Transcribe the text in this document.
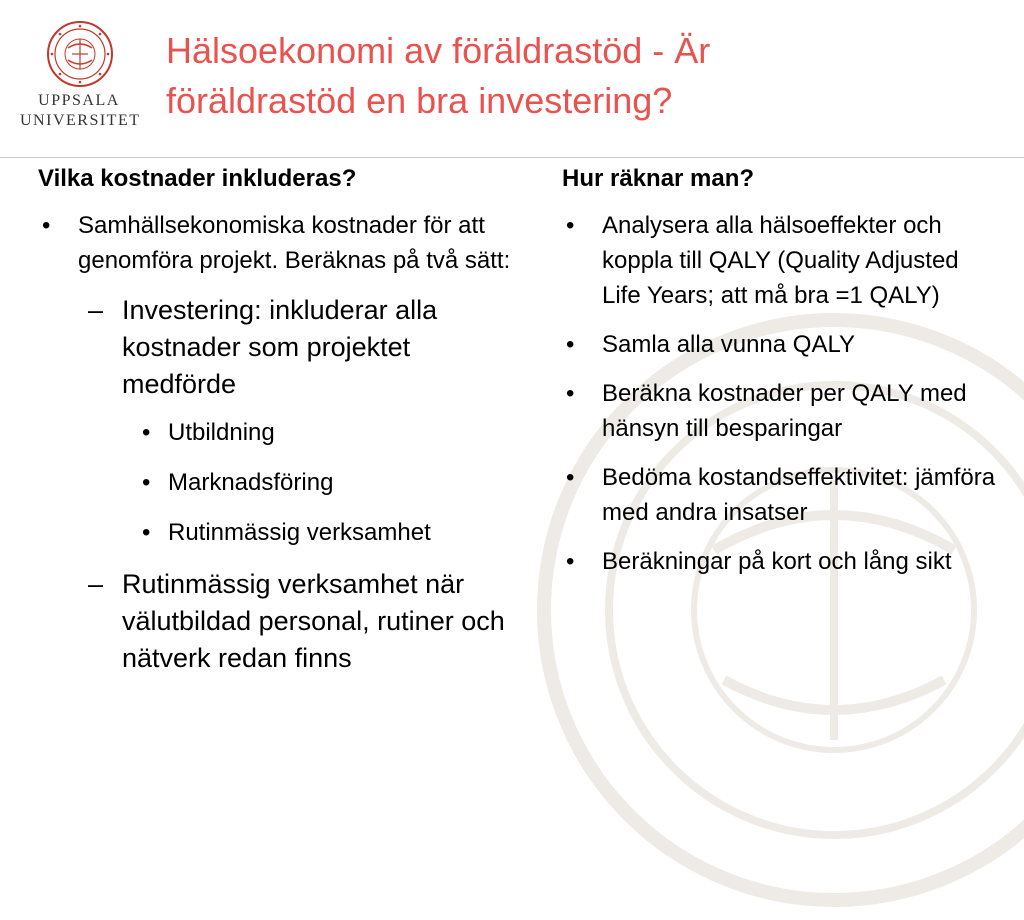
UPPSALA
UNIVERSITET
Hälsoekonomi av föräldrastöd - Är
föräldrastöd en bra investering?
Vilka kostnader inkluderas?
• Samhällsekonomiska kostnader för att genomföra projekt. Beräknas på två sätt:
– Investering: inkluderar alla kostnader som projektet medförde
• Utbildning
• Marknadsföring
• Rutinmässig verksamhet
– Rutinmässig verksamhet när välutbildad personal, rutiner och nätverk redan finns
Hur räknar man?
• Analysera alla hälsoeffekter och koppla till QALY (Quality Adjusted Life Years; att må bra =1 QALY)
• Samla alla vunna QALY
• Beräkna kostnader per QALY med hänsyn till besparingar
• Bedöma kostandseffektivitet: jämföra med andra insatser
• Beräkningar på kort och lång sikt
